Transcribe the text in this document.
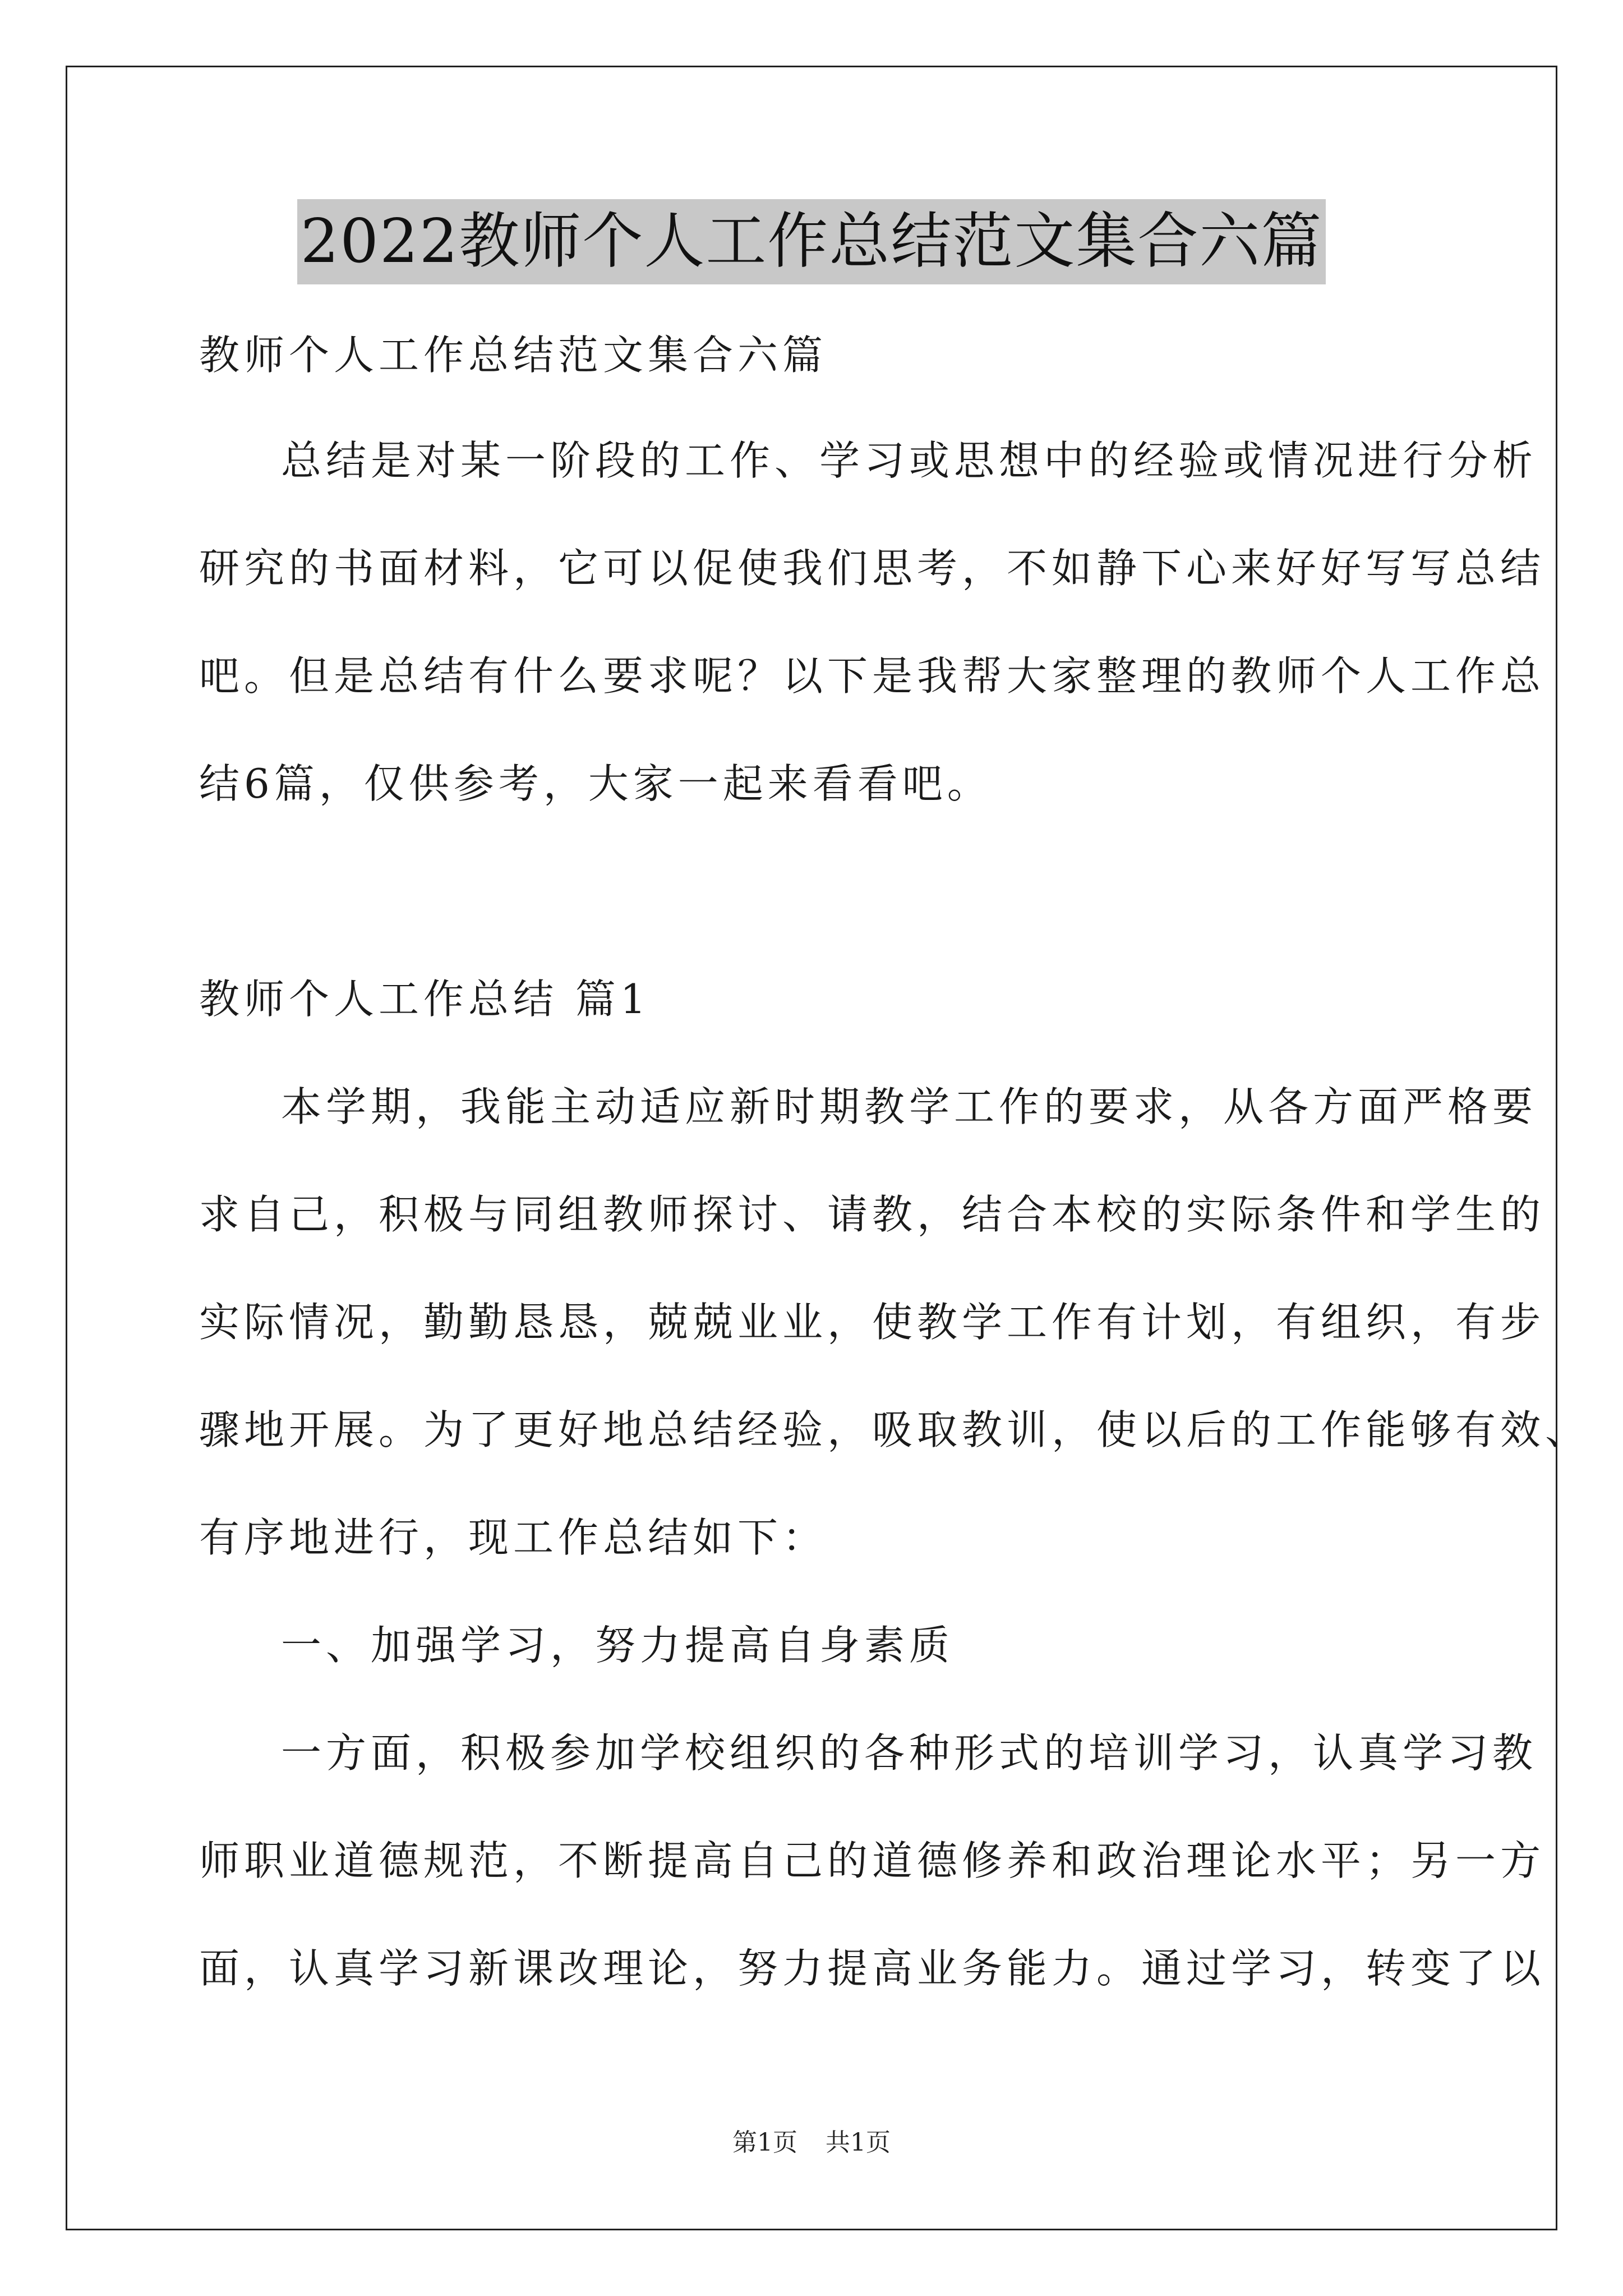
2022教师个人工作总结范文集合六篇
教师个人工作总结范文集合六篇
总结是对某一阶段的工作、学习或思想中的经验或情况进行分析
研究的书面材料，它可以促使我们思考，不如静下心来好好写写总结
吧。但是总结有什么要求呢？以下是我帮大家整理的教师个人工作总
结6篇，仅供参考，大家一起来看看吧。
教师个人工作总结 篇1
本学期，我能主动适应新时期教学工作的要求，从各方面严格要
求自己，积极与同组教师探讨、请教，结合本校的实际条件和学生的
实际情况，勤勤恳恳，兢兢业业，使教学工作有计划，有组织，有步
骤地开展。为了更好地总结经验，吸取教训，使以后的工作能够有效、
有序地进行，现工作总结如下：
一、加强学习，努力提高自身素质
一方面，积极参加学校组织的各种形式的培训学习，认真学习教
师职业道德规范，不断提高自己的道德修养和政治理论水平；另一方
面，认真学习新课改理论，努力提高业务能力。通过学习，转变了以
第1页 共1页
